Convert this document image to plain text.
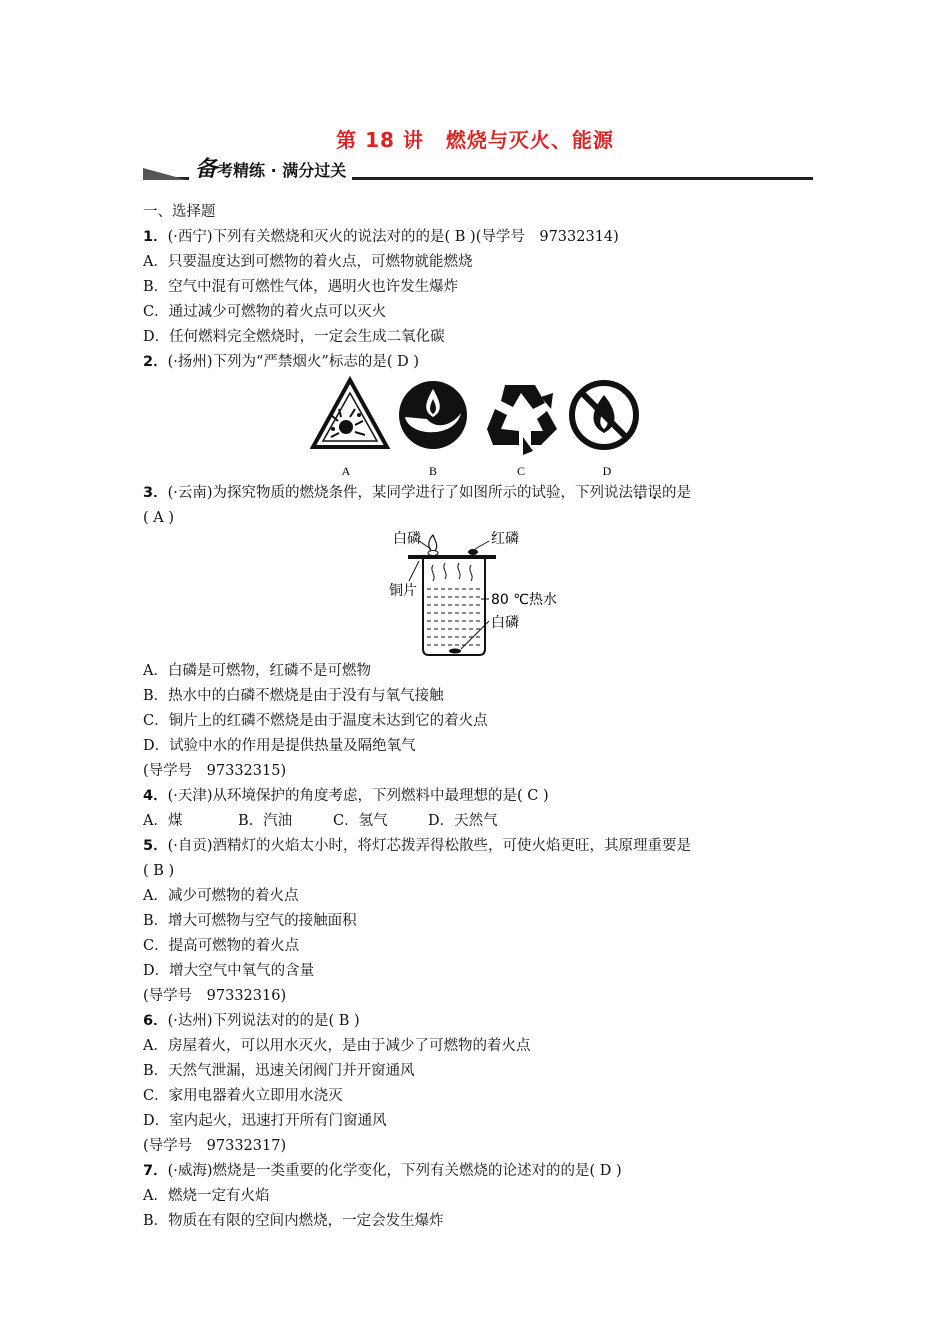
第 18 讲 燃烧与灭火、能源
备考精练 · 满分过关
一、选择题
1．(·西宁)下列有关燃烧和灭火的说法对的的是( B )(导学号　97332314)
A．只要温度达到可燃物的着火点，可燃物就能燃烧
B．空气中混有可燃性气体，遇明火也许发生爆炸
C．通过减少可燃物的着火点可以灭火
D．任何燃料完全燃烧时，一定会生成二氧化碳
2．(·扬州)下列为“严禁烟火”标志的是( D )
A	B	C	D
3．(·云南)为探究物质的燃烧条件，某同学进行了如图所示的试验，下列说法错误的是
( A )
白磷	红磷
铜片
80 ℃热水
白磷
A．白磷是可燃物，红磷不是可燃物
B．热水中的白磷不燃烧是由于没有与氧气接触
C．铜片上的红磷不燃烧是由于温度未达到它的着火点
D．试验中水的作用是提供热量及隔绝氧气
(导学号　97332315)
4．(·天津)从环境保护的角度考虑，下列燃料中最理想的是( C )
A．煤	B．汽油	C．氢气	D．天然气
5．(·自贡)酒精灯的火焰太小时，将灯芯拨弄得松散些，可使火焰更旺，其原理重要是
( B )
A．减少可燃物的着火点
B．增大可燃物与空气的接触面积
C．提高可燃物的着火点
D．增大空气中氧气的含量
(导学号　97332316)
6．(·达州)下列说法对的的是( B )
A．房屋着火，可以用水灭火，是由于减少了可燃物的着火点
B．天然气泄漏，迅速关闭阀门并开窗通风
C．家用电器着火立即用水浇灭
D．室内起火，迅速打开所有门窗通风
(导学号　97332317)
7．(·威海)燃烧是一类重要的化学变化，下列有关燃烧的论述对的的是( D )
A．燃烧一定有火焰
B．物质在有限的空间内燃烧，一定会发生爆炸
